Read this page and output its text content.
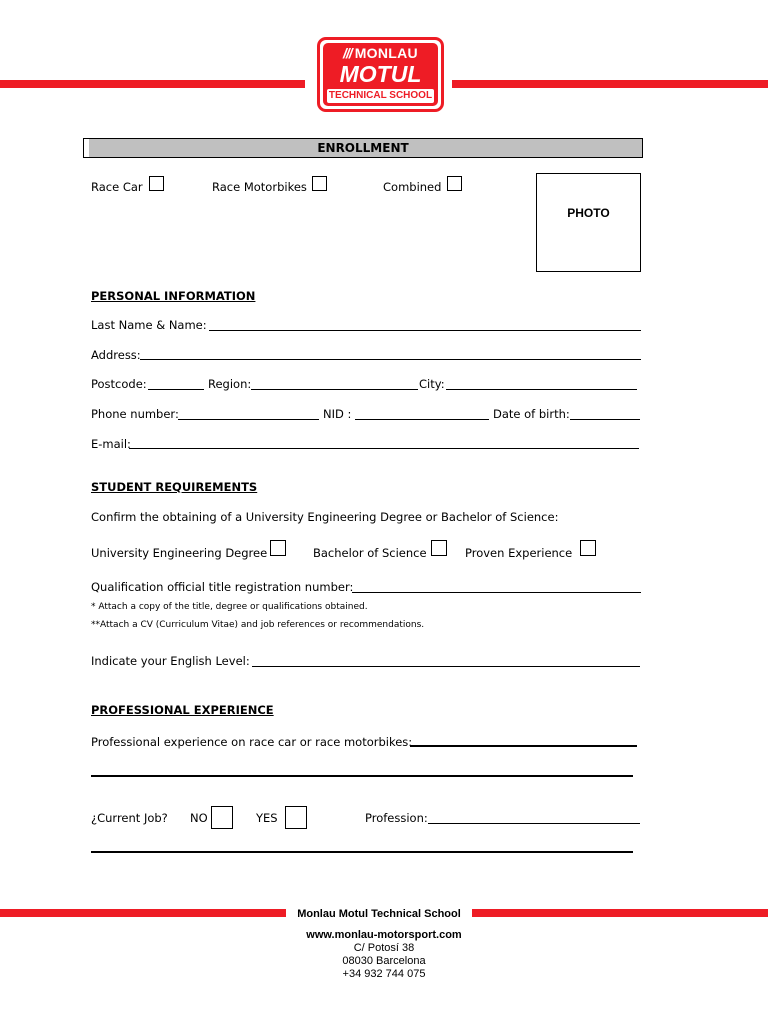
/// MONLAU
MOTUL
TECHNICAL SCHOOL
ENROLLMENT
Race Car	Race Motorbikes	Combined
PHOTO
PERSONAL INFORMATION
Last Name & Name:
Address:
Postcode:	Region:	City:
Phone number:	NID :	Date of birth:
E-mail:
STUDENT REQUIREMENTS
Confirm the obtaining of a University Engineering Degree or Bachelor of Science:
University Engineering Degree	Bachelor of Science	Proven Experience
Qualification official title registration number:
* Attach a copy of the title, degree or qualifications obtained.
**Attach a CV (Curriculum Vitae) and job references or recommendations.
Indicate your English Level:
PROFESSIONAL EXPERIENCE
Professional experience on race car or race motorbikes:
¿Current Job? NO	YES	Profession:
Monlau Motul Technical School
www.monlau-motorsport.com
C/ Potosí 38
08030 Barcelona
+34 932 744 075
